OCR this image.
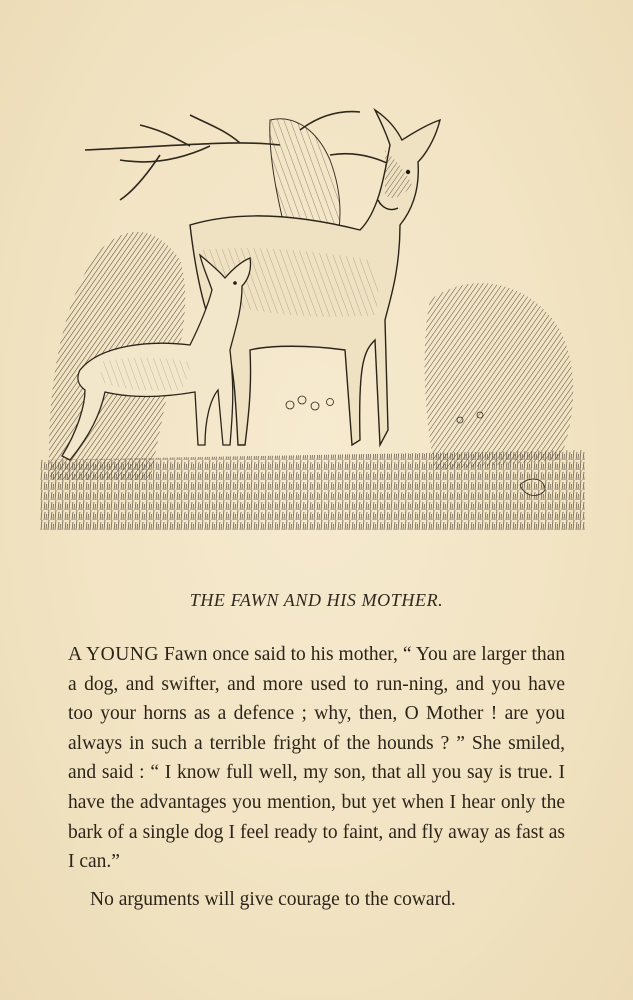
THE FAWN AND HIS MOTHER.

A YOUNG Fawn once said to his mother, “ You are larger than a dog, and swifter, and more used to run-ning, and you have too your horns as a defence ; why, then, O Mother ! are you always in such a terrible fright of the hounds ? ” She smiled, and said : “ I know full well, my son, that all you say is true. I have the advantages you mention, but yet when I hear only the bark of a single dog I feel ready to faint, and fly away as fast as I can.”

No arguments will give courage to the coward.
